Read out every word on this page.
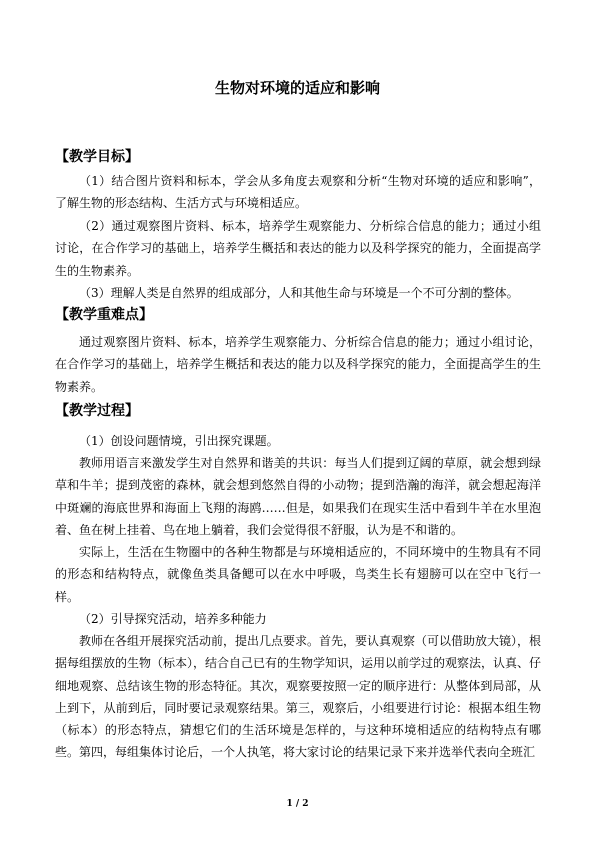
生物对环境的适应和影响
【教学目标】

（1）结合图片资料和标本，学会从多角度去观察和分析“生物对环境的适应和影响”，了解生物的形态结构、生活方式与环境相适应。

（2）通过观察图片资料、标本，培养学生观察能力、分析综合信息的能力；通过小组讨论，在合作学习的基础上，培养学生概括和表达的能力以及科学探究的能力，全面提高学生的生物素养。

（3）理解人类是自然界的组成部分，人和其他生命与环境是一个不可分割的整体。

【教学重难点】

通过观察图片资料、标本，培养学生观察能力、分析综合信息的能力；通过小组讨论，在合作学习的基础上，培养学生概括和表达的能力以及科学探究的能力，全面提高学生的生物素养。

【教学过程】

（1）创设问题情境，引出探究课题。

教师用语言来激发学生对自然界和谐美的共识：每当人们提到辽阔的草原，就会想到绿草和牛羊；提到茂密的森林，就会想到悠然自得的小动物；提到浩瀚的海洋，就会想起海洋中斑斓的海底世界和海面上飞翔的海鸥……但是，如果我们在现实生活中看到牛羊在水里泡着、鱼在树上挂着、鸟在地上躺着，我们会觉得很不舒服，认为是不和谐的。

实际上，生活在生物圈中的各种生物都是与环境相适应的，不同环境中的生物具有不同的形态和结构特点，就像鱼类具备鳃可以在水中呼吸，鸟类生长有翅膀可以在空中飞行一样。

（2）引导探究活动，培养多种能力

教师在各组开展探究活动前，提出几点要求。首先，要认真观察（可以借助放大镜），根据每组摆放的生物（标本），结合自己已有的生物学知识，运用以前学过的观察法，认真、仔细地观察、总结该生物的形态特征。其次，观察要按照一定的顺序进行：从整体到局部，从上到下，从前到后，同时要记录观察结果。第三，观察后，小组要进行讨论：根据本组生物（标本）的形态特点，猜想它们的生活环境是怎样的，与这种环境相适应的结构特点有哪些。第四，每组集体讨论后，一个人执笔，将大家讨论的结果记录下来并选举代表向全班汇

1 / 2
